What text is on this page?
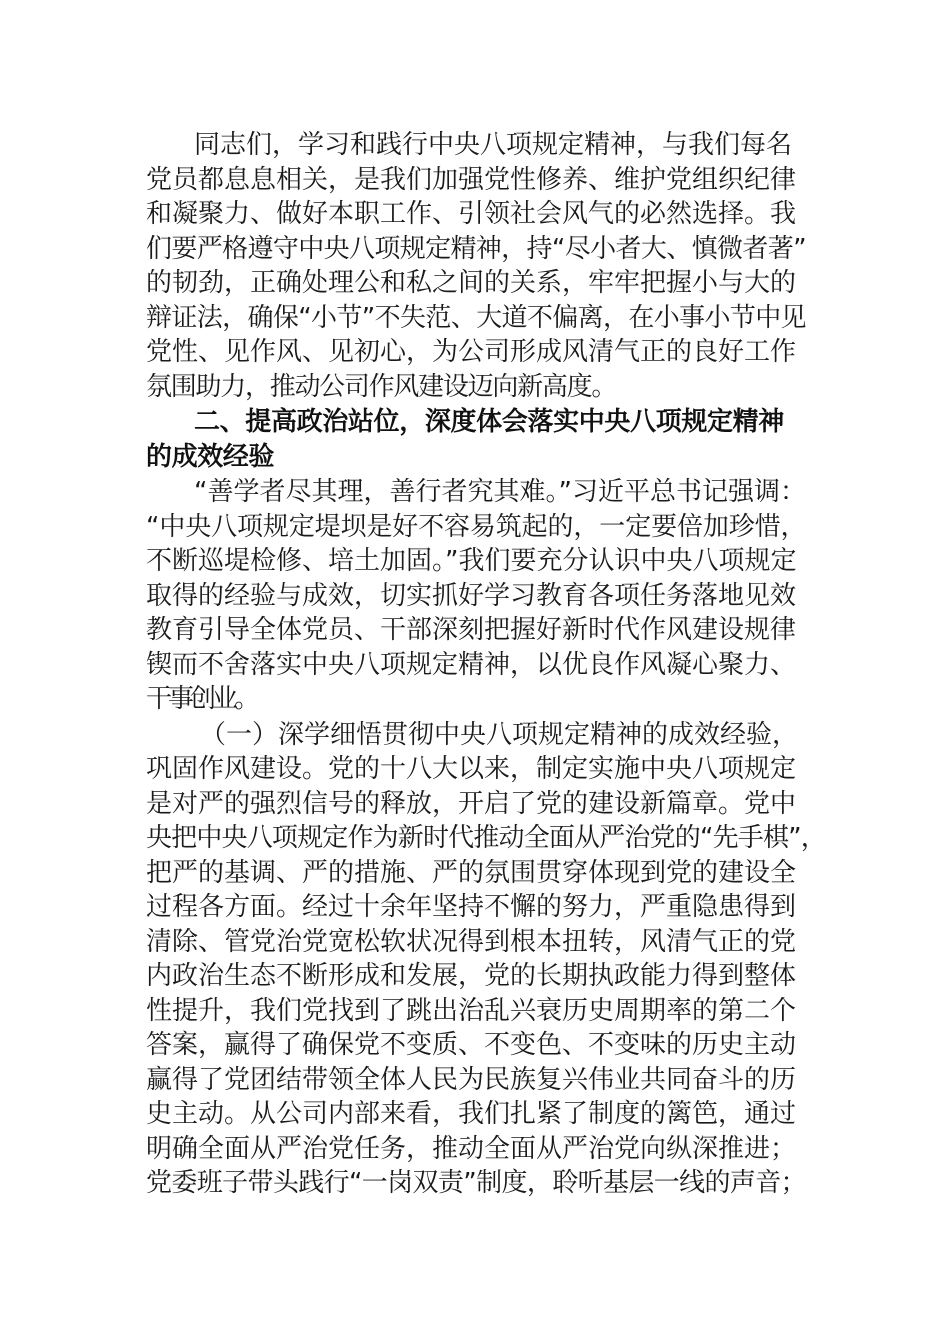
同志们，学习和践行中央八项规定精神，与我们每名
党员都息息相关，是我们加强党性修养、维护党组织纪律
和凝聚力、做好本职工作、引领社会风气的必然选择。我
们要严格遵守中央八项规定精神，持“尽小者大、慎微者著”
的韧劲，正确处理公和私之间的关系，牢牢把握小与大的
辩证法，确保“小节”不失范、大道不偏离，在小事小节中见
党性、见作风、见初心，为公司形成风清气正的良好工作
氛围助力，推动公司作风建设迈向新高度。
二、提高政治站位，深度体会落实中央八项规定精神
的成效经验
“善学者尽其理，善行者究其难。”习近平总书记强调：
“中央八项规定堤坝是好不容易筑起的，一定要倍加珍惜，
不断巡堤检修、培土加固。”我们要充分认识中央八项规定
取得的经验与成效，切实抓好学习教育各项任务落地见效
教育引导全体党员、干部深刻把握好新时代作风建设规律
锲而不舍落实中央八项规定精神，以优良作风凝心聚力、
干事创业。
（一）深学细悟贯彻中央八项规定精神的成效经验，
巩固作风建设。党的十八大以来，制定实施中央八项规定
是对严的强烈信号的释放，开启了党的建设新篇章。党中
央把中央八项规定作为新时代推动全面从严治党的“先手棋”，
把严的基调、严的措施、严的氛围贯穿体现到党的建设全
过程各方面。经过十余年坚持不懈的努力，严重隐患得到
清除、管党治党宽松软状况得到根本扭转，风清气正的党
内政治生态不断形成和发展，党的长期执政能力得到整体
性提升，我们党找到了跳出治乱兴衰历史周期率的第二个
答案，赢得了确保党不变质、不变色、不变味的历史主动
赢得了党团结带领全体人民为民族复兴伟业共同奋斗的历
史主动。从公司内部来看，我们扎紧了制度的篱笆，通过
明确全面从严治党任务，推动全面从严治党向纵深推进；
党委班子带头践行“一岗双责”制度，聆听基层一线的声音；
